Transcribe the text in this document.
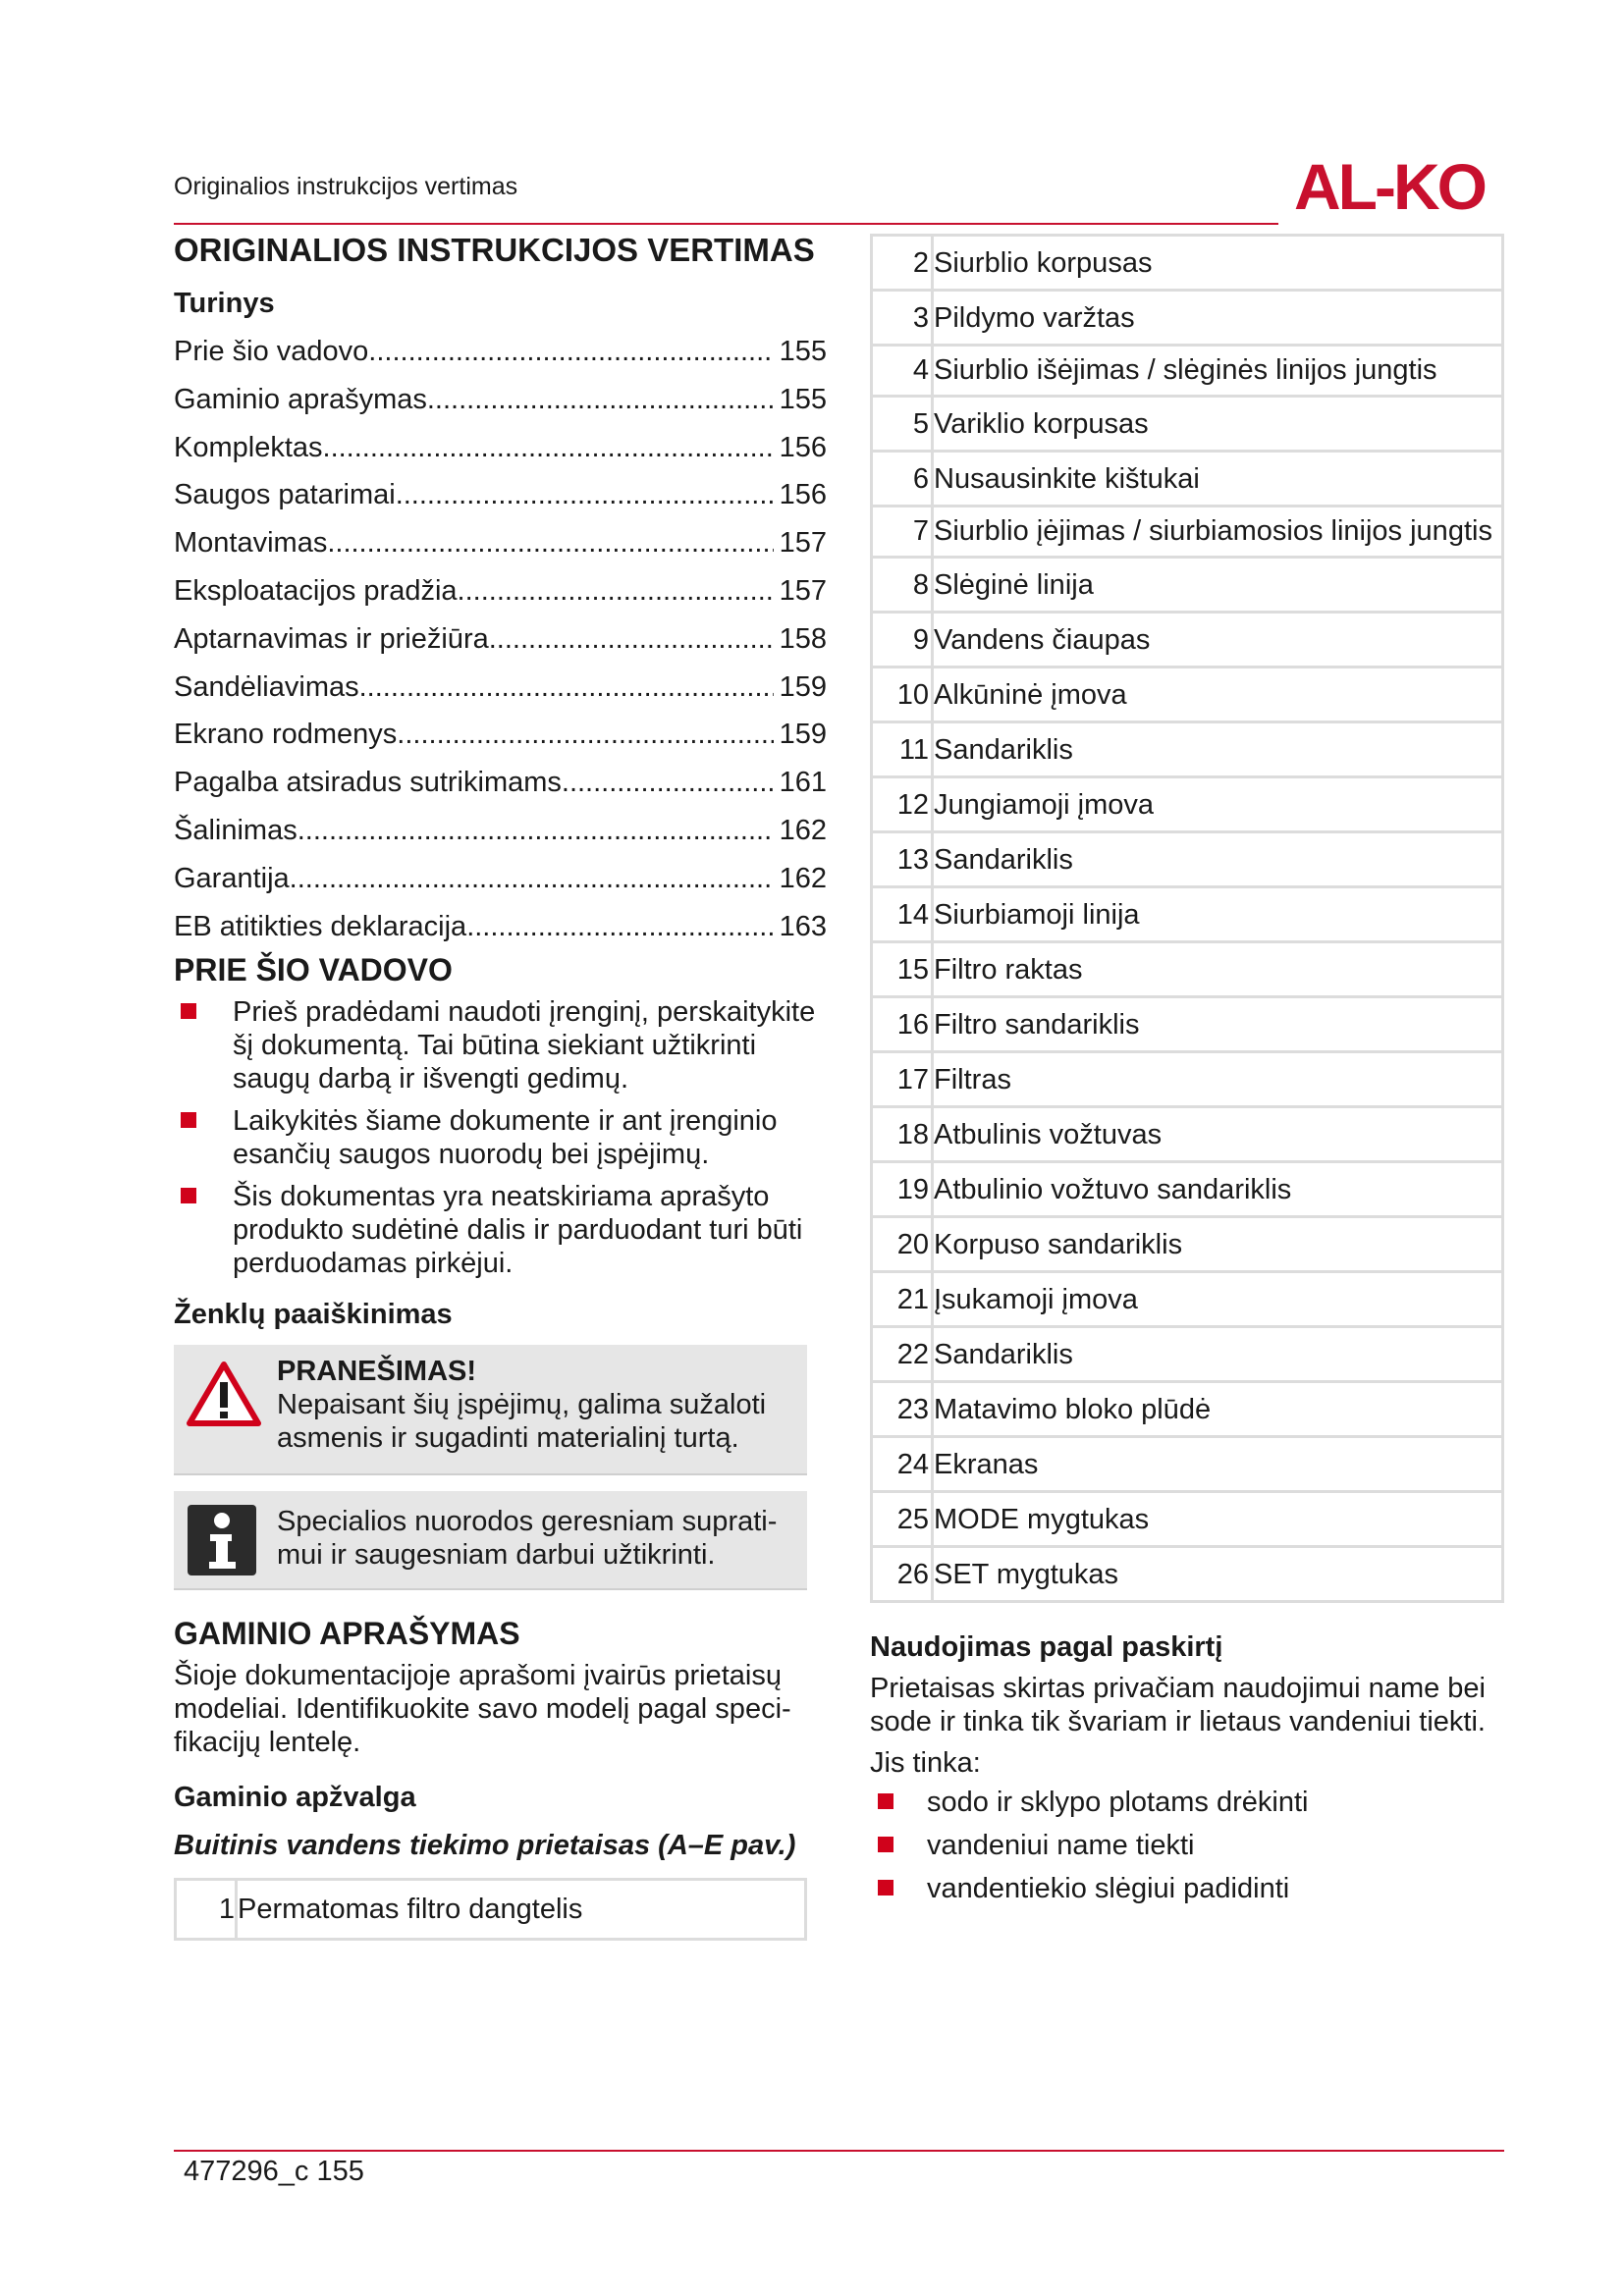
Originalios instrukcijos vertimas	AL-KO
ORIGINALIOS INSTRUKCIJOS VERTIMAS
Turinys
Prie šio vadovo .....	155
Gaminio aprašymas .....	155
Komplektas .....	156
Saugos patarimai .....	156
Montavimas .....	157
Eksploatacijos pradžia .....	157
Aptarnavimas ir priežiūra .....	158
Sandėliavimas .....	159
Ekrano rodmenys .....	159
Pagalba atsiradus sutrikimams .....	161
Šalinimas .....	162
Garantija .....	162
EB atitikties deklaracija .....	163
PRIE ŠIO VADOVO
Prieš pradėdami naudoti įrenginį, perskaitykite šį dokumentą. Tai būtina siekiant užtikrinti saugų darbą ir išvengti gedimų.
Laikykitės šiame dokumente ir ant įrenginio esančių saugos nuorodų bei įspėjimų.
Šis dokumentas yra neatskiriama aprašyto produkto sudėtinė dalis ir parduodant turi būti perduodamas pirkėjui.
Ženklų paaiškinimas
PRANEŠIMAS!
Nepaisant šių įspėjimų, galima sužaloti asmenis ir sugadinti materialinį turtą.
Specialios nuorodos geresniam supratimui ir saugesniam darbui užtikrinti.
GAMINIO APRAŠYMAS

Šioje dokumentacijoje aprašomi įvairūs prietaisų modeliai. Identifikuokite savo modelį pagal specifikacijų lentelę.

Gaminio apžvalga
Buitinis vandens tiekimo prietaisas (A–E pav.)
1 Permatomas filtro dangtelis
2 Siurblio korpusas
3 Pildymo varžtas
4 Siurblio išėjimas / slėginės linijos jungtis
5 Variklio korpusas
6 Nusausinkite kištukai
7 Siurblio įėjimas / siurbiamosios linijos jungtis
8 Slėginė linija
9 Vandens čiaupas
10 Alkūninė įmova
11 Sandariklis
12 Jungiamoji įmova
13 Sandariklis
14 Siurbiamoji linija
15 Filtro raktas
16 Filtro sandariklis
17 Filtras
18 Atbulinis vožtuvas
19 Atbulinio vožtuvo sandariklis
20 Korpuso sandariklis
21 Įsukamoji įmova
22 Sandariklis
23 Matavimo bloko plūdė
24 Ekranas
25 MODE mygtukas
26 SET mygtukas
Naudojimas pagal paskirtį

Prietaisas skirtas privačiam naudojimui name bei sode ir tinka tik švariam ir lietaus vandeniui tiekti.

Jis tinka:

sodo ir sklypo plotams drėkinti
vandeniui name tiekti
vandentiekio slėgiui padidinti
477296_c 155
